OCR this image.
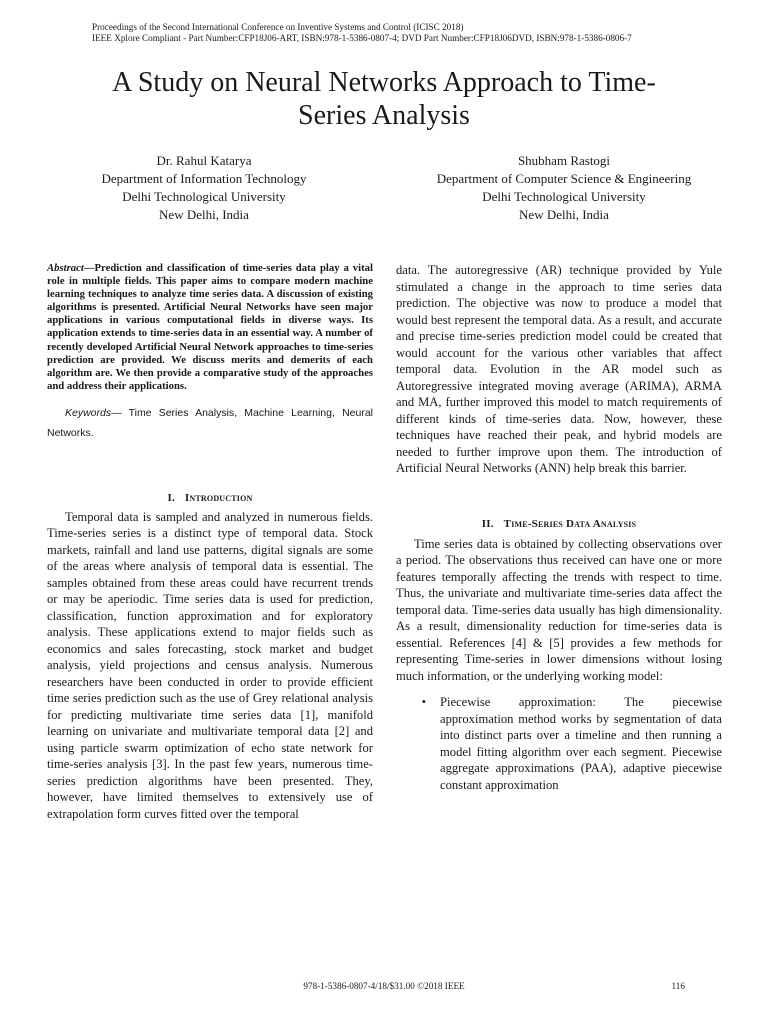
Proceedings of the Second International Conference on Inventive Systems and Control (ICISC 2018)
IEEE Xplore Compliant - Part Number:CFP18J06-ART, ISBN:978-1-5386-0807-4; DVD Part Number:CFP18J06DVD, ISBN:978-1-5386-0806-7
A Study on Neural Networks Approach to Time-
Series Analysis
Dr. Rahul Katarya
Department of Information Technology
Delhi Technological University
New Delhi, India
Shubham Rastogi
Department of Computer Science & Engineering
Delhi Technological University
New Delhi, India

Abstract—Prediction and classification of time-series data play a vital role in multiple fields. This paper aims to compare modern machine learning techniques to analyze time series data. A discussion of existing algorithms is presented. Artificial Neural Networks have seen major applications in various computational fields in diverse ways. Its application extends to time-series data in an essential way. A number of recently developed Artificial Neural Network approaches to time-series prediction are provided. We discuss merits and demerits of each algorithm are. We then provide a comparative study of the approaches and address their applications.

Keywords— Time Series Analysis, Machine Learning, Neural Networks.

I. Introduction

Temporal data is sampled and analyzed in numerous fields. Time-series series is a distinct type of temporal data. Stock markets, rainfall and land use patterns, digital signals are some of the areas where analysis of temporal data is essential. The samples obtained from these areas could have recurrent trends or may be aperiodic. Time series data is used for prediction, classification, function approximation and for exploratory analysis. These applications extend to major fields such as economics and sales forecasting, stock market and budget analysis, yield projections and census analysis. Numerous researchers have been conducted in order to provide efficient time series prediction such as the use of Grey relational analysis for predicting multivariate time series data [1], manifold learning on univariate and multivariate temporal data [2] and using particle swarm optimization of echo state network for time-series analysis [3]. In the past few years, numerous time-series prediction algorithms have been presented. They, however, have limited themselves to extensively use of extrapolation form curves fitted over the temporal

data. The autoregressive (AR) technique provided by Yule stimulated a change in the approach to time series data prediction. The objective was now to produce a model that would best represent the temporal data. As a result, and accurate and precise time-series prediction model could be created that would account for the various other variables that affect temporal data. Evolution in the AR model such as Autoregressive integrated moving average (ARIMA), ARMA and MA, further improved this model to match requirements of different kinds of time-series data. Now, however, these techniques have reached their peak, and hybrid models are needed to further improve upon them. The introduction of Artificial Neural Networks (ANN) help break this barrier.

II. Time-Series Data Analysis

Time series data is obtained by collecting observations over a period. The observations thus received can have one or more features temporally affecting the trends with respect to time. Thus, the univariate and multivariate time-series data affect the temporal data. Time-series data usually has high dimensionality. As a result, dimensionality reduction for time-series data is essential. References [4] & [5] provides a few methods for representing Time-series in lower dimensions without losing much information, or the underlying working model:

•	Piecewise approximation: The piecewise approximation method works by segmentation of data into distinct parts over a timeline and then running a model fitting algorithm over each segment. Piecewise aggregate approximations (PAA), adaptive piecewise constant approximation
978-1-5386-0807-4/18/$31.00 ©2018 IEEE	116
